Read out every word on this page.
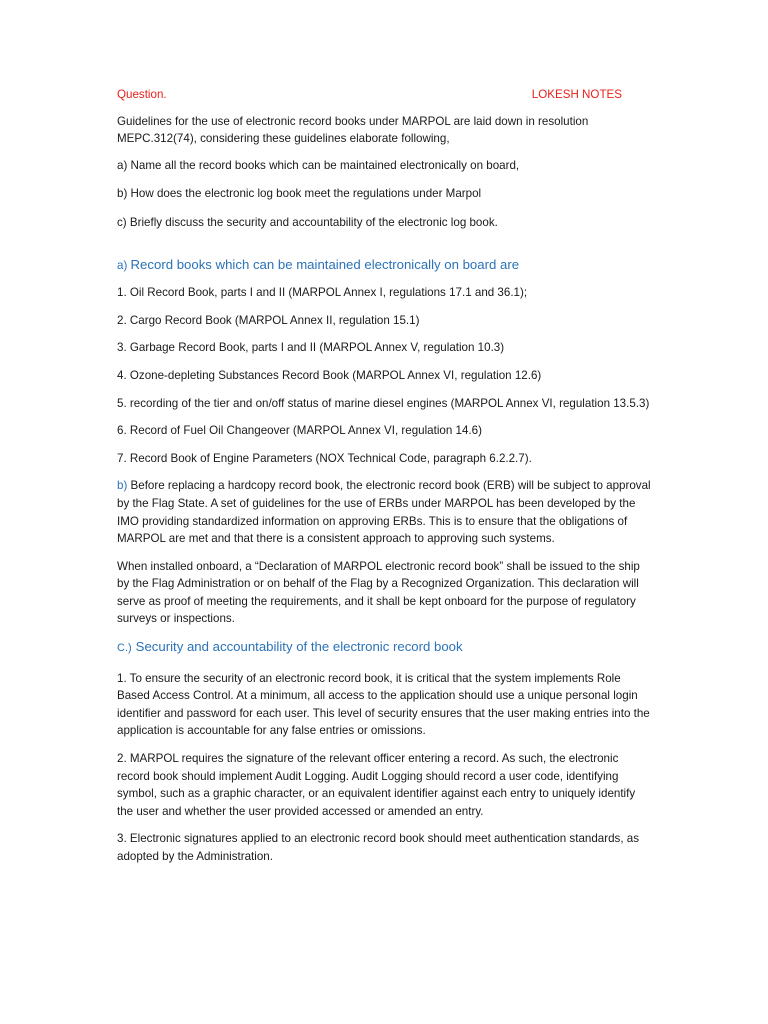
Question.	LOKESH NOTES

Guidelines for the use of electronic record books under MARPOL are laid down in resolution MEPC.312(74), considering these guidelines elaborate following,

a) Name all the record books which can be maintained electronically on board,

b) How does the electronic log book meet the regulations under Marpol

c) Briefly discuss the security and accountability of the electronic log book.

a) Record books which can be maintained electronically on board are

1. Oil Record Book, parts I and II (MARPOL Annex I, regulations 17.1 and 36.1);

2. Cargo Record Book (MARPOL Annex II, regulation 15.1)

3. Garbage Record Book, parts I and II (MARPOL Annex V, regulation 10.3)

4. Ozone-depleting Substances Record Book (MARPOL Annex VI, regulation 12.6)

5. recording of the tier and on/off status of marine diesel engines (MARPOL Annex VI, regulation 13.5.3)

6. Record of Fuel Oil Changeover (MARPOL Annex VI, regulation 14.6)

7. Record Book of Engine Parameters (NOX Technical Code, paragraph 6.2.2.7).

b) Before replacing a hardcopy record book, the electronic record book (ERB) will be subject to approval by the Flag State. A set of guidelines for the use of ERBs under MARPOL has been developed by the IMO providing standardized information on approving ERBs. This is to ensure that the obligations of MARPOL are met and that there is a consistent approach to approving such systems.

When installed onboard, a “Declaration of MARPOL electronic record book” shall be issued to the ship by the Flag Administration or on behalf of the Flag by a Recognized Organization. This declaration will serve as proof of meeting the requirements, and it shall be kept onboard for the purpose of regulatory surveys or inspections.

C.) Security and accountability of the electronic record book

1. To ensure the security of an electronic record book, it is critical that the system implements Role Based Access Control. At a minimum, all access to the application should use a unique personal login identifier and password for each user. This level of security ensures that the user making entries into the application is accountable for any false entries or omissions.

2. MARPOL requires the signature of the relevant officer entering a record. As such, the electronic record book should implement Audit Logging. Audit Logging should record a user code, identifying symbol, such as a graphic character, or an equivalent identifier against each entry to uniquely identify the user and whether the user provided accessed or amended an entry.

3. Electronic signatures applied to an electronic record book should meet authentication standards, as adopted by the Administration.
